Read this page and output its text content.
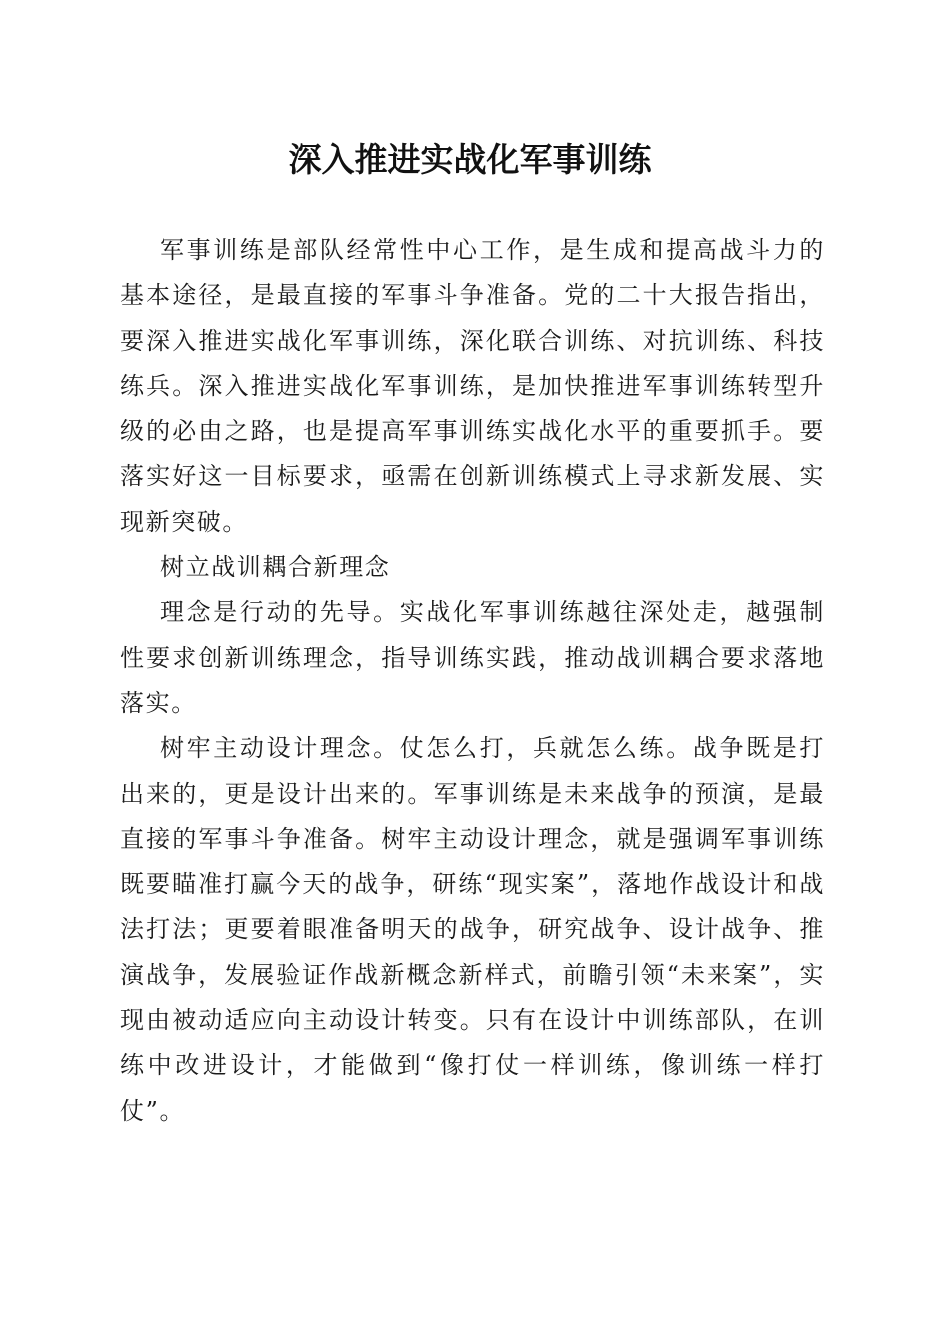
深入推进实战化军事训练

军事训练是部队经常性中心工作，是生成和提高战斗力的基本途径，是最直接的军事斗争准备。党的二十大报告指出，要深入推进实战化军事训练，深化联合训练、对抗训练、科技练兵。深入推进实战化军事训练，是加快推进军事训练转型升级的必由之路，也是提高军事训练实战化水平的重要抓手。要落实好这一目标要求，亟需在创新训练模式上寻求新发展、实现新突破。

树立战训耦合新理念

理念是行动的先导。实战化军事训练越往深处走，越强制性要求创新训练理念，指导训练实践，推动战训耦合要求落地落实。

树牢主动设计理念。仗怎么打，兵就怎么练。战争既是打出来的，更是设计出来的。军事训练是未来战争的预演，是最直接的军事斗争准备。树牢主动设计理念，就是强调军事训练既要瞄准打赢今天的战争，研练“现实案”，落地作战设计和战法打法；更要着眼准备明天的战争，研究战争、设计战争、推演战争，发展验证作战新概念新样式，前瞻引领“未来案”，实现由被动适应向主动设计转变。只有在设计中训练部队，在训练中改进设计，才能做到“像打仗一样训练，像训练一样打仗”。
